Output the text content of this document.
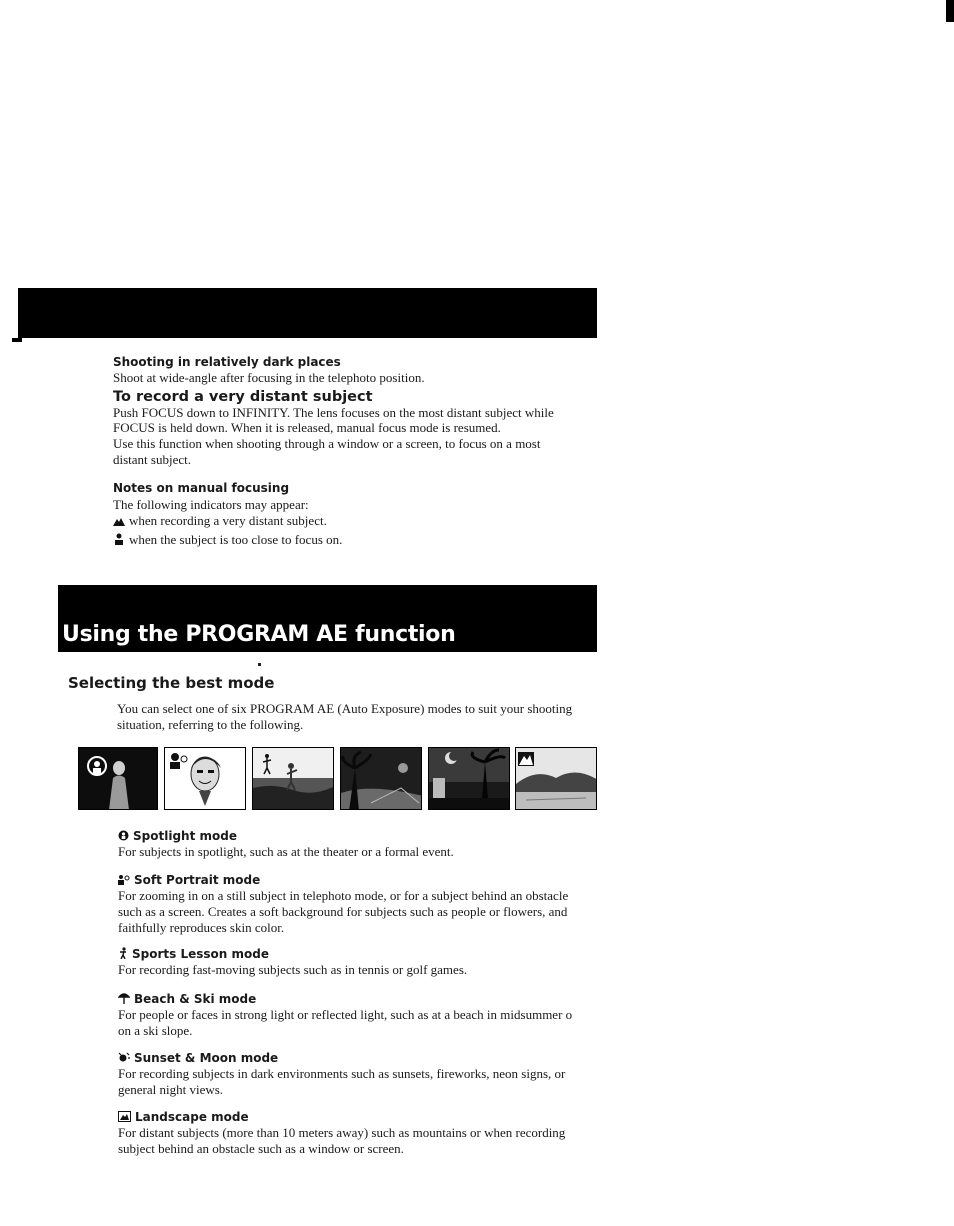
Shooting in relatively dark places
Shoot at wide-angle after focusing in the telephoto position.
To record a very distant subject
Push FOCUS down to INFINITY. The lens focuses on the most distant subject while
FOCUS is held down. When it is released, manual focus mode is resumed.
Use this function when shooting through a window or a screen, to focus on a most
distant subject.
Notes on manual focusing
The following indicators may appear:
when recording a very distant subject.
when the subject is too close to focus on.
Using the PROGRAM AE function
Selecting the best mode
You can select one of six PROGRAM AE (Auto Exposure) modes to suit your shooting
situation, referring to the following.
Spotlight mode
For subjects in spotlight, such as at the theater or a formal event.
Soft Portrait mode
For zooming in on a still subject in telephoto mode, or for a subject behind an obstacle
such as a screen. Creates a soft background for subjects such as people or flowers, and
faithfully reproduces skin color.
Sports Lesson mode
For recording fast-moving subjects such as in tennis or golf games.
Beach & Ski mode
For people or faces in strong light or reflected light, such as at a beach in midsummer o
on a ski slope.
Sunset & Moon mode
For recording subjects in dark environments such as sunsets, fireworks, neon signs, or
general night views.
Landscape mode
For distant subjects (more than 10 meters away) such as mountains or when recording
subject behind an obstacle such as a window or screen.
